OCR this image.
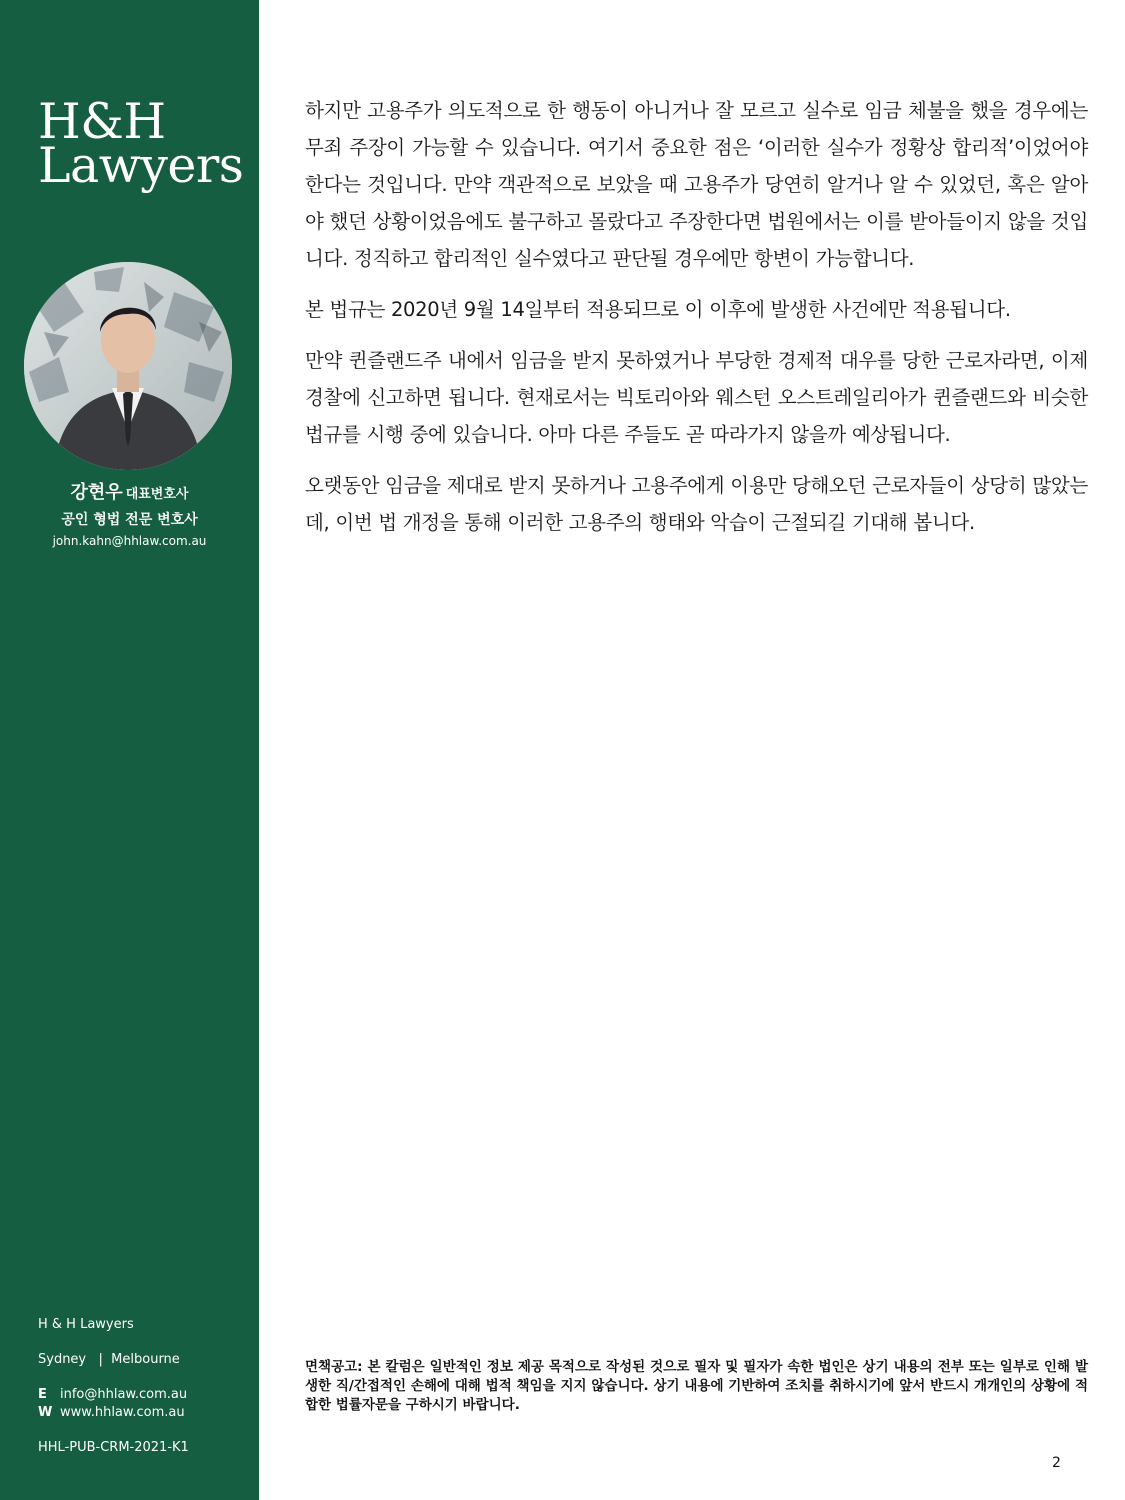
H&H
Lawyers
강현우 대표변호사
공인 형법 전문 변호사
john.kahn@hhlaw.com.au
H & H Lawyers
Sydney   |  Melbourne
E info@hhlaw.com.au
W www.hhlaw.com.au
HHL-PUB-CRM-2021-K1

하지만 고용주가 의도적으로 한 행동이 아니거나 잘 모르고 실수로 임금 체불을 했을 경우에는 무죄 주장이 가능할 수 있습니다. 여기서 중요한 점은 ‘이러한 실수가 정황상 합리적’이었어야 한다는 것입니다. 만약 객관적으로 보았을 때 고용주가 당연히 알거나 알 수 있었던, 혹은 알아야 했던 상황이었음에도 불구하고 몰랐다고 주장한다면 법원에서는 이를 받아들이지 않을 것입니다. 정직하고 합리적인 실수였다고 판단될 경우에만 항변이 가능합니다.

본 법규는 2020년 9월 14일부터 적용되므로 이 이후에 발생한 사건에만 적용됩니다.

만약 퀸즐랜드주 내에서 임금을 받지 못하였거나 부당한 경제적 대우를 당한 근로자라면, 이제 경찰에 신고하면 됩니다. 현재로서는 빅토리아와 웨스턴 오스트레일리아가 퀸즐랜드와 비슷한 법규를 시행 중에 있습니다. 아마 다른 주들도 곧 따라가지 않을까 예상됩니다.

오랫동안 임금을 제대로 받지 못하거나 고용주에게 이용만 당해오던 근로자들이 상당히 많았는데, 이번 법 개정을 통해 이러한 고용주의 행태와 악습이 근절되길 기대해 봅니다.

면책공고: 본 칼럼은 일반적인 정보 제공 목적으로 작성된 것으로 필자 및 필자가 속한 법인은 상기 내용의 전부 또는 일부로 인해 발생한 직/간접적인 손해에 대해 법적 책임을 지지 않습니다. 상기 내용에 기반하여 조치를 취하시기에 앞서 반드시 개개인의 상황에 적합한 법률자문을 구하시기 바랍니다.
2
